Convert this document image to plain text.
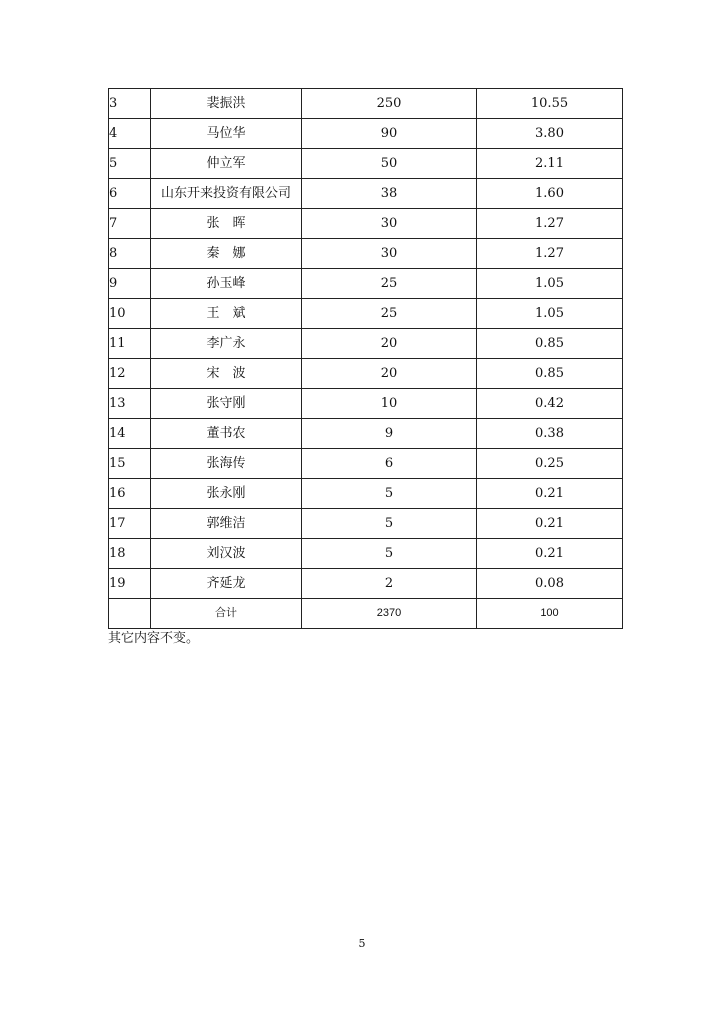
3	裴振洪	250	10.55
4	马位华	90	3.80
5	仲立军	50	2.11
6	山东开来投资有限公司	38	1.60
7	张　晖	30	1.27
8	秦　娜	30	1.27
9	孙玉峰	25	1.05
10	王　斌	25	1.05
11	李广永	20	0.85
12	宋　波	20	0.85
13	张守刚	10	0.42
14	董书农	9	0.38
15	张海传	6	0.25
16	张永刚	5	0.21
17	郭维洁	5	0.21
18	刘汉波	5	0.21
19	齐延龙	2	0.08
	合计	2370	100
其它内容不变。
5
